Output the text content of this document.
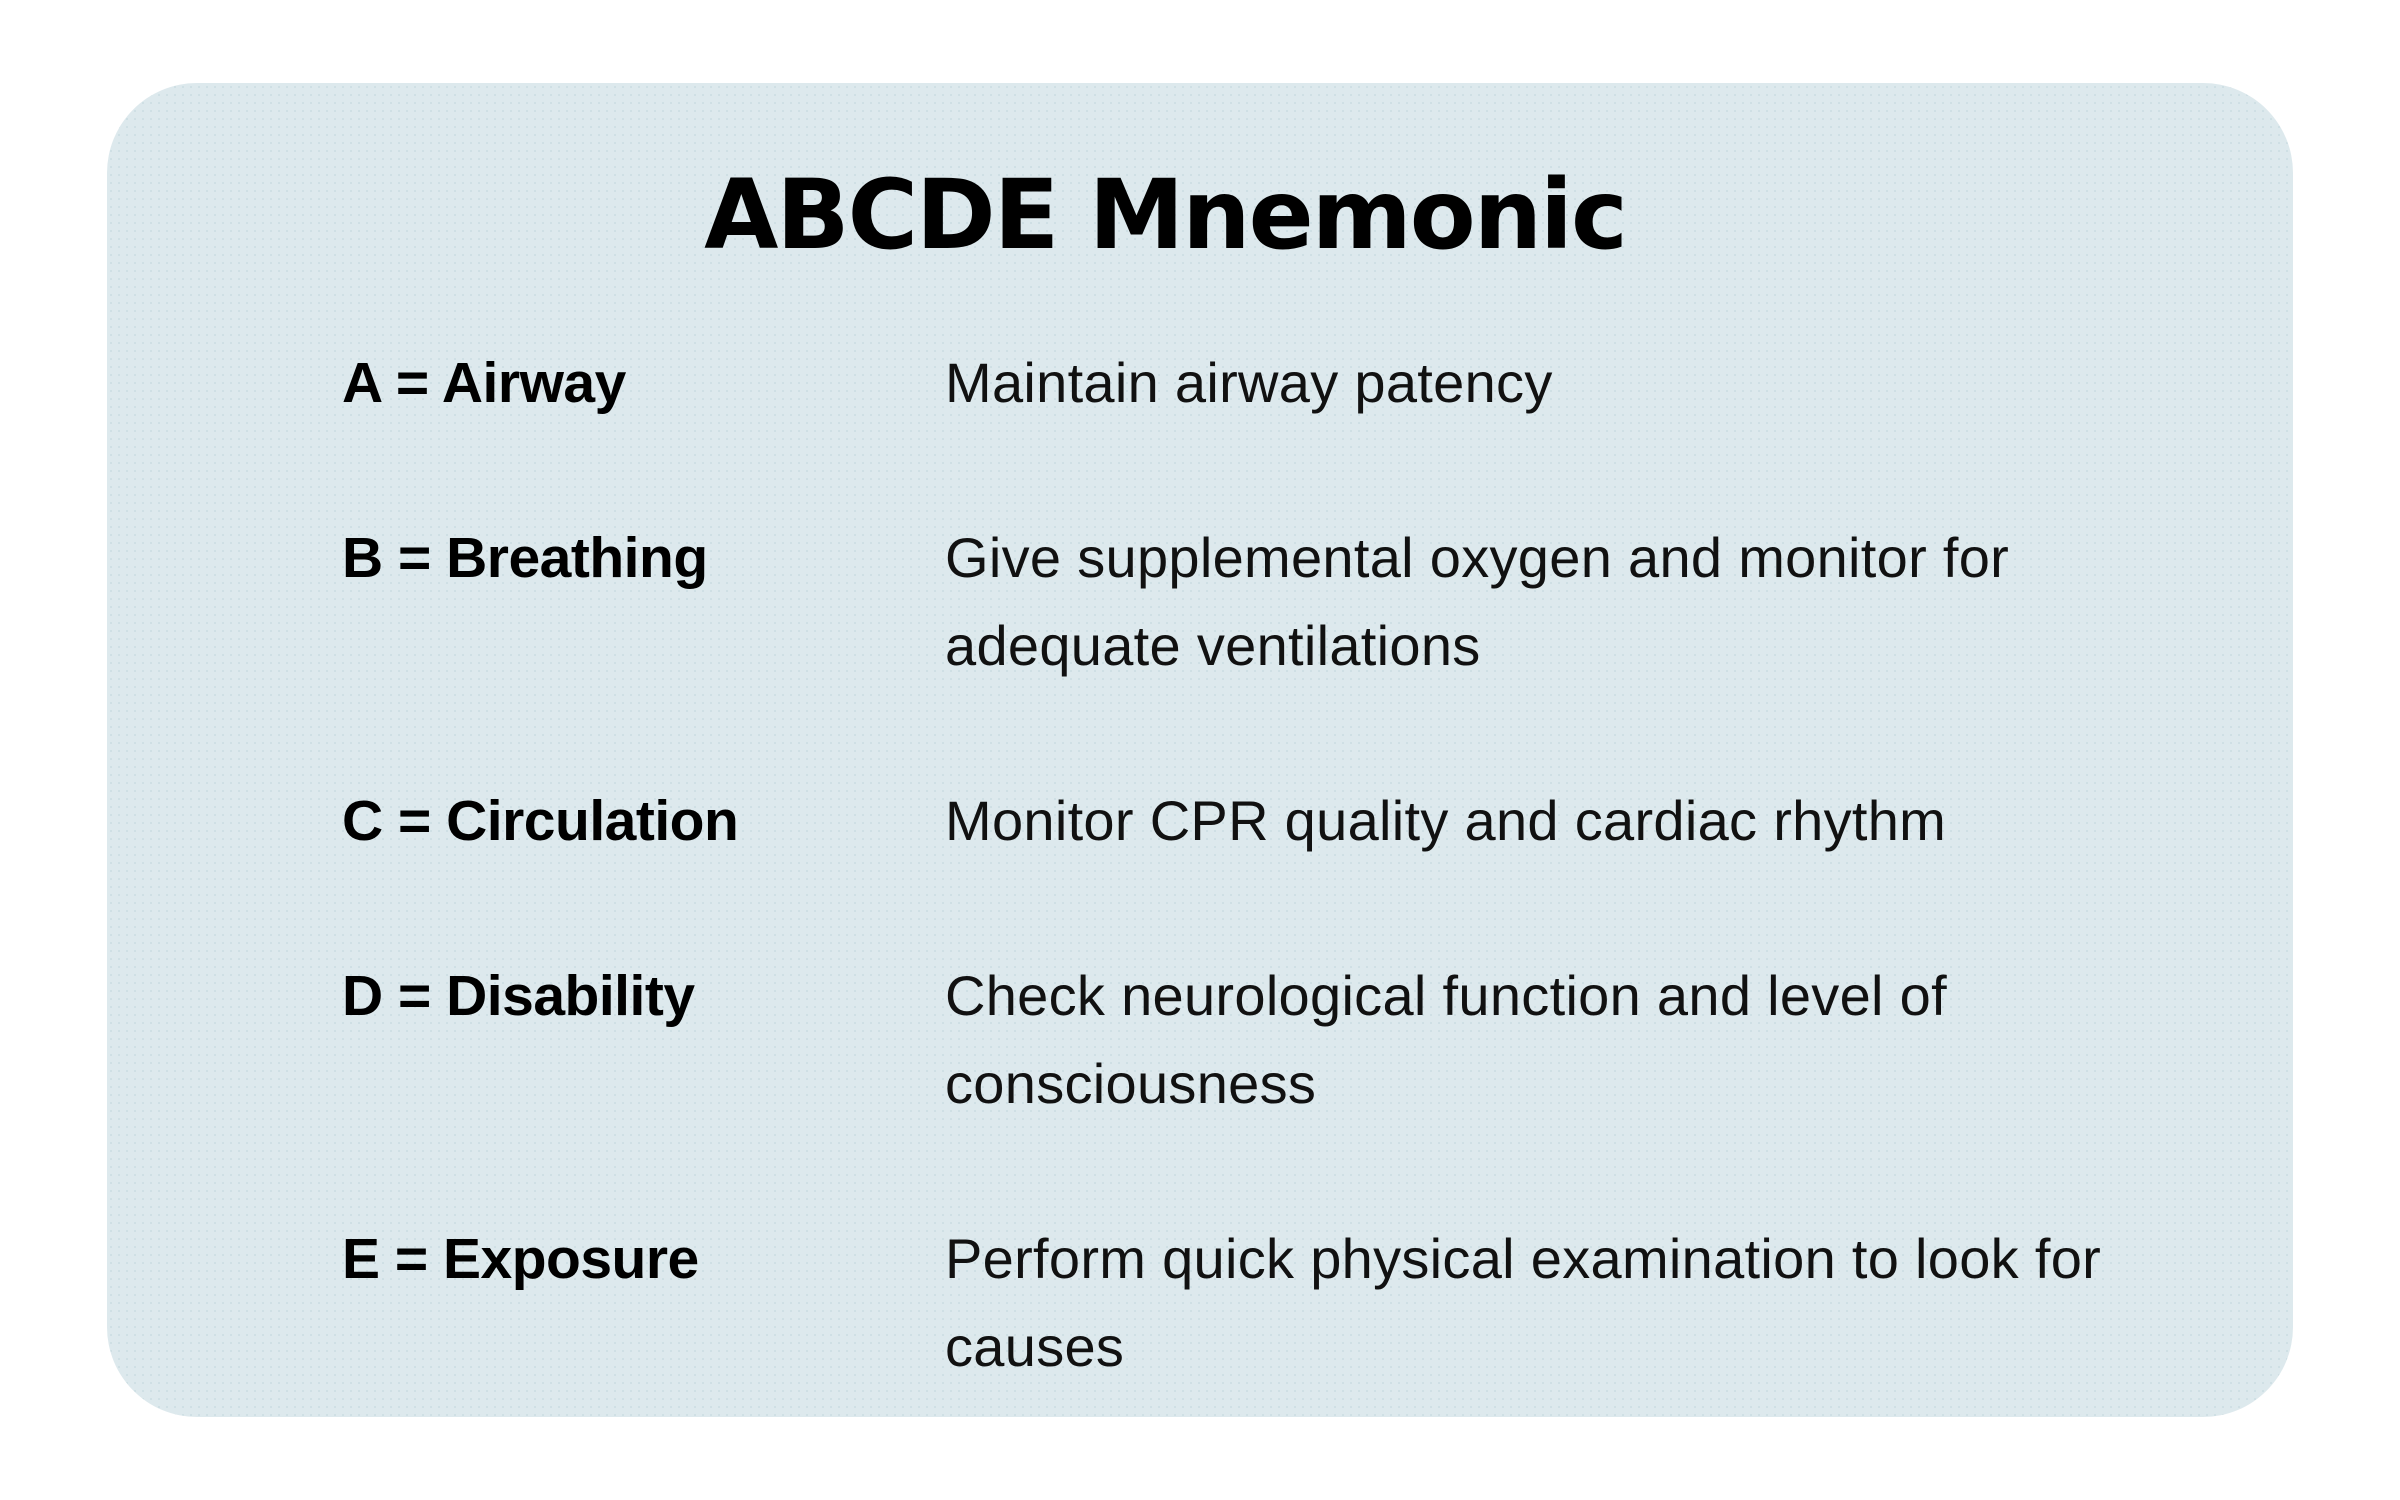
ABCDE Mnemonic
A = Airway	Maintain airway patency
B = Breathing	Give supplemental oxygen and monitor for adequate ventilations
C = Circulation	Monitor CPR quality and cardiac rhythm
D = Disability	Check neurological function and level of consciousness
E = Exposure	Perform quick physical examination to look for causes
